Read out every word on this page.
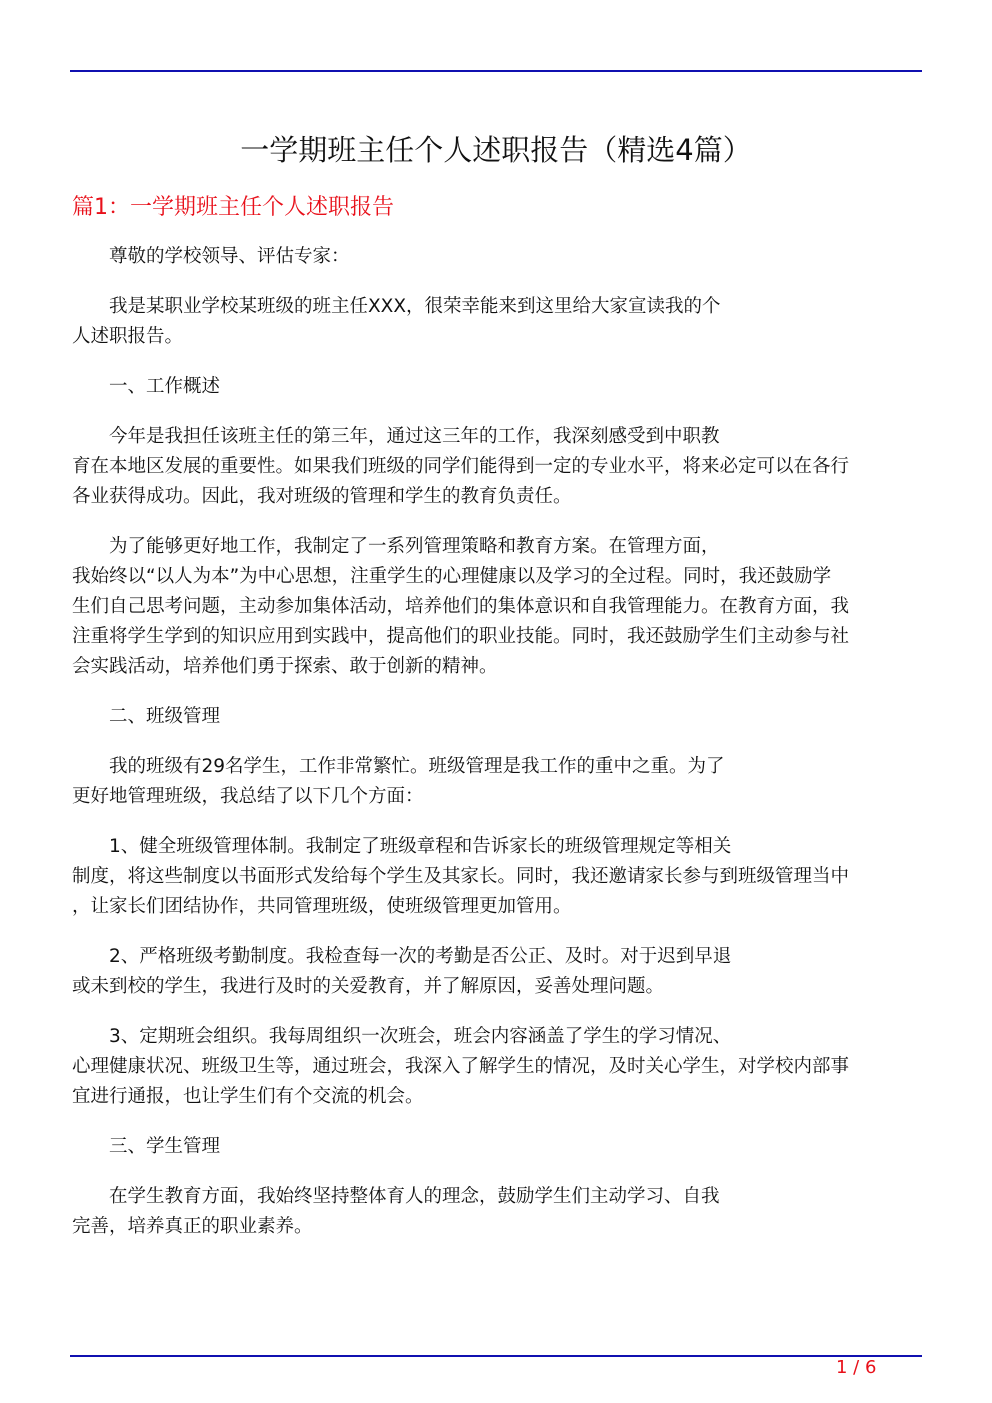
一学期班主任个人述职报告（精选4篇）
篇1：一学期班主任个人述职报告

尊敬的学校领导、评估专家：

我是某职业学校某班级的班主任XXX，很荣幸能来到这里给大家宣读我的个
人述职报告。

一、工作概述

今年是我担任该班主任的第三年，通过这三年的工作，我深刻感受到中职教
育在本地区发展的重要性。如果我们班级的同学们能得到一定的专业水平，将来必定可以在各行
各业获得成功。因此，我对班级的管理和学生的教育负责任。

为了能够更好地工作，我制定了一系列管理策略和教育方案。在管理方面，
我始终以“以人为本”为中心思想，注重学生的心理健康以及学习的全过程。同时，我还鼓励学
生们自己思考问题，主动参加集体活动，培养他们的集体意识和自我管理能力。在教育方面，我
注重将学生学到的知识应用到实践中，提高他们的职业技能。同时，我还鼓励学生们主动参与社
会实践活动，培养他们勇于探索、敢于创新的精神。

二、班级管理

我的班级有29名学生，工作非常繁忙。班级管理是我工作的重中之重。为了
更好地管理班级，我总结了以下几个方面：

1、健全班级管理体制。我制定了班级章程和告诉家长的班级管理规定等相关
制度，将这些制度以书面形式发给每个学生及其家长。同时，我还邀请家长参与到班级管理当中
，让家长们团结协作，共同管理班级，使班级管理更加管用。

2、严格班级考勤制度。我检查每一次的考勤是否公正、及时。对于迟到早退
或未到校的学生，我进行及时的关爱教育，并了解原因，妥善处理问题。

3、定期班会组织。我每周组织一次班会，班会内容涵盖了学生的学习情况、
心理健康状况、班级卫生等，通过班会，我深入了解学生的情况，及时关心学生，对学校内部事
宜进行通报，也让学生们有个交流的机会。

三、学生管理

在学生教育方面，我始终坚持整体育人的理念，鼓励学生们主动学习、自我
完善，培养真正的职业素养。

1 / 6
